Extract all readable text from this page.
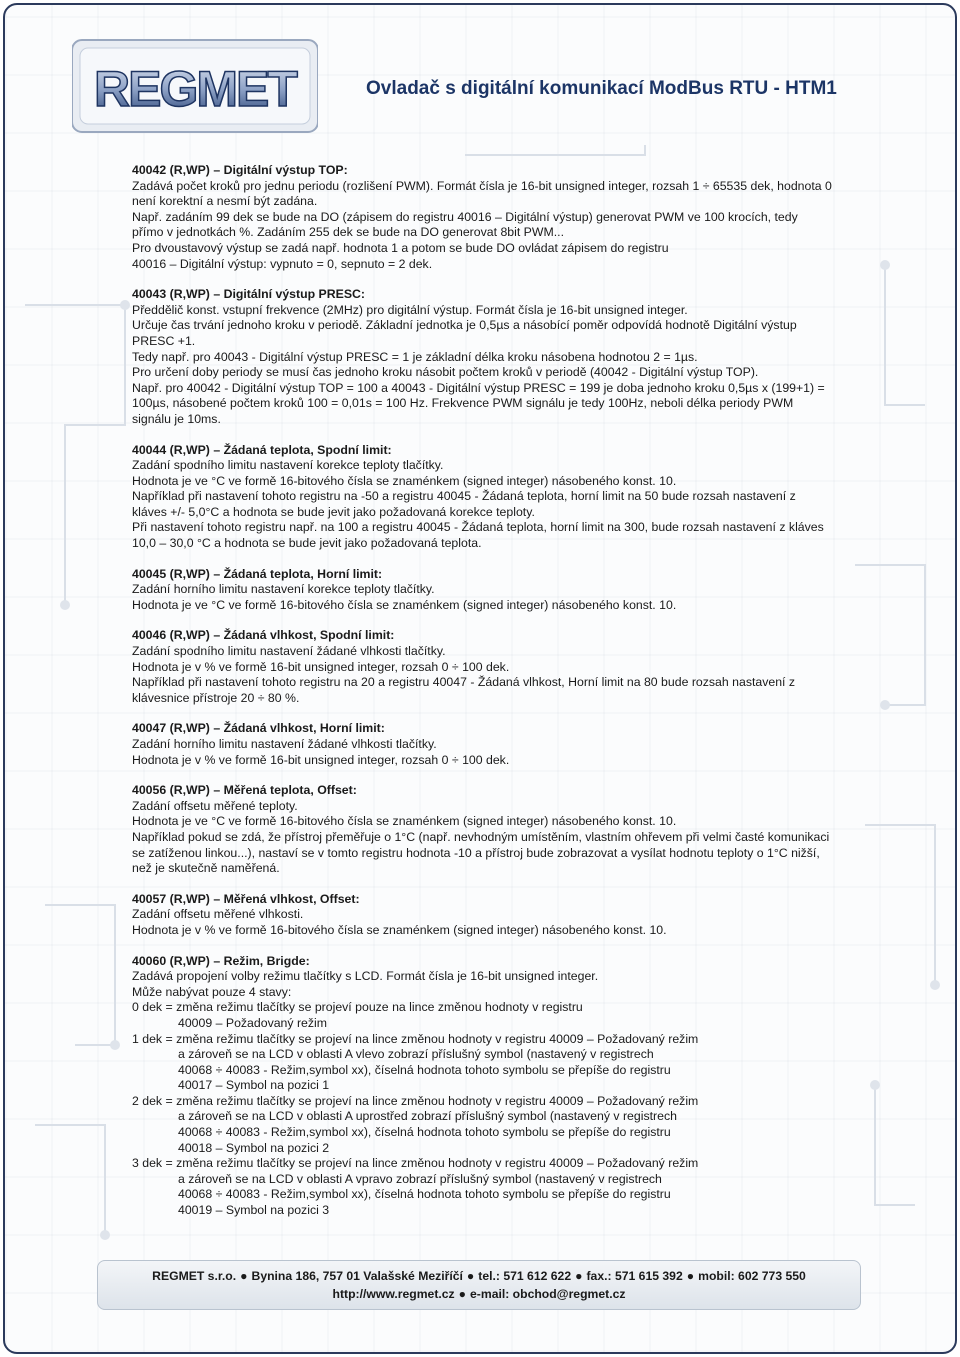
REGMET	Ovladač s digitální komunikací ModBus RTU - HTM1

40042 (R,WP) – Digitální výstup TOP:

Zadává počet kroků pro jednu periodu (rozlišení PWM). Formát čísla je 16-bit unsigned integer, rozsah 1 ÷ 65535 dek, hodnota 0 není korektní a nesmí být zadána.

Např. zadáním 99 dek se bude na DO (zápisem do registru 40016 – Digitální výstup) generovat PWM ve 100 krocích, tedy přímo v jednotkách %. Zadáním 255 dek se bude na DO generovat 8bit PWM...

Pro dvoustavový výstup se zadá např. hodnota 1 a potom se bude DO ovládat zápisem do registru

40016 – Digitální výstup: vypnuto = 0, sepnuto = 2 dek.

40043 (R,WP) – Digitální výstup PRESC:

Předdělič konst. vstupní frekvence (2MHz) pro digitální výstup. Formát čísla je 16-bit unsigned integer.

Určuje čas trvání jednoho kroku v periodě. Základní jednotka je 0,5µs a násobící poměr odpovídá hodnotě Digitální výstup PRESC +1.

Tedy např. pro 40043 - Digitální výstup PRESC = 1 je základní délka kroku násobena hodnotou 2 = 1µs.

Pro určení doby periody se musí čas jednoho kroku násobit počtem kroků v periodě (40042 - Digitální výstup TOP).

Např. pro 40042 - Digitální výstup TOP = 100 a 40043 - Digitální výstup PRESC = 199 je doba jednoho kroku 0,5µs x (199+1) = 100µs, násobené počtem kroků 100 = 0,01s = 100 Hz. Frekvence PWM signálu je tedy 100Hz, neboli délka periody PWM signálu je 10ms.

40044 (R,WP) – Žádaná teplota, Spodní limit:

Zadání spodního limitu nastavení korekce teploty tlačítky.

Hodnota je ve °C ve formě 16-bitového čísla se znaménkem (signed integer) násobeného konst. 10.

Například při nastavení tohoto registru na -50 a registru 40045 - Žádaná teplota, horní limit na 50 bude rozsah nastavení z kláves +/- 5,0°C a hodnota se bude jevit jako požadovaná korekce teploty.

Při nastavení tohoto registru např. na 100 a registru 40045 - Žádaná teplota, horní limit na 300, bude rozsah nastavení z kláves 10,0 – 30,0 °C a hodnota se bude jevit jako požadovaná teplota.

40045 (R,WP) – Žádaná teplota, Horní limit:

Zadání horního limitu nastavení korekce teploty tlačítky.

Hodnota je ve °C ve formě 16-bitového čísla se znaménkem (signed integer) násobeného konst. 10.

40046 (R,WP) – Žádaná vlhkost, Spodní limit:

Zadání spodního limitu nastavení žádané vlhkosti tlačítky.

Hodnota je v % ve formě 16-bit unsigned integer, rozsah 0 ÷ 100 dek.

Například při nastavení tohoto registru na 20 a registru 40047 - Žádaná vlhkost, Horní limit na 80 bude rozsah nastavení z klávesnice přístroje 20 ÷ 80 %.

40047 (R,WP) – Žádaná vlhkost, Horní limit:

Zadání horního limitu nastavení žádané vlhkosti tlačítky.

Hodnota je v % ve formě 16-bit unsigned integer, rozsah 0 ÷ 100 dek.

40056 (R,WP) – Měřená teplota, Offset:

Zadání offsetu měřené teploty.

Hodnota je ve °C ve formě 16-bitového čísla se znaménkem (signed integer) násobeného konst. 10.

Například pokud se zdá, že přístroj přeměřuje o 1°C (např. nevhodným umístěním, vlastním ohřevem při velmi časté komunikaci se zatíženou linkou...), nastaví se v tomto registru hodnota -10 a přístroj bude zobrazovat a vysílat hodnotu teploty o 1°C nižší, než je skutečně naměřená.

40057 (R,WP) – Měřená vlhkost, Offset:

Zadání offsetu měřené vlhkosti.

Hodnota je v % ve formě 16-bitového čísla se znaménkem (signed integer) násobeného konst. 10.

40060 (R,WP) – Režim, Brigde:

Zadává propojení volby režimu tlačítky s LCD. Formát čísla je 16-bit unsigned integer.

Může nabývat pouze 4 stavy:

0 dek = změna režimu tlačítky se projeví pouze na lince změnou hodnoty v registru

40009 – Požadovaný režim

1 dek = změna režimu tlačítky se projeví na lince změnou hodnoty v registru 40009 – Požadovaný režim

a zároveň se na LCD v oblasti A vlevo zobrazí příslušný symbol (nastavený v registrech

40068 ÷ 40083 - Režim,symbol xx), číselná hodnota tohoto symbolu se přepíše do registru

40017 – Symbol na pozici 1

2 dek = změna režimu tlačítky se projeví na lince změnou hodnoty v registru 40009 – Požadovaný režim

a zároveň se na LCD v oblasti A uprostřed zobrazí příslušný symbol (nastavený v registrech

40068 ÷ 40083 - Režim,symbol xx), číselná hodnota tohoto symbolu se přepíše do registru

40018 – Symbol na pozici 2

3 dek = změna režimu tlačítky se projeví na lince změnou hodnoty v registru 40009 – Požadovaný režim

a zároveň se na LCD v oblasti A vpravo zobrazí příslušný symbol (nastavený v registrech

40068 ÷ 40083 - Režim,symbol xx), číselná hodnota tohoto symbolu se přepíše do registru

40019 – Symbol na pozici 3

REGMET s.r.o. ● Bynina 186, 757 01 Valašské Meziříčí ● tel.: 571 612 622 ● fax.: 571 615 392 ● mobil: 602 773 550
http://www.regmet.cz ● e-mail: obchod@regmet.cz
